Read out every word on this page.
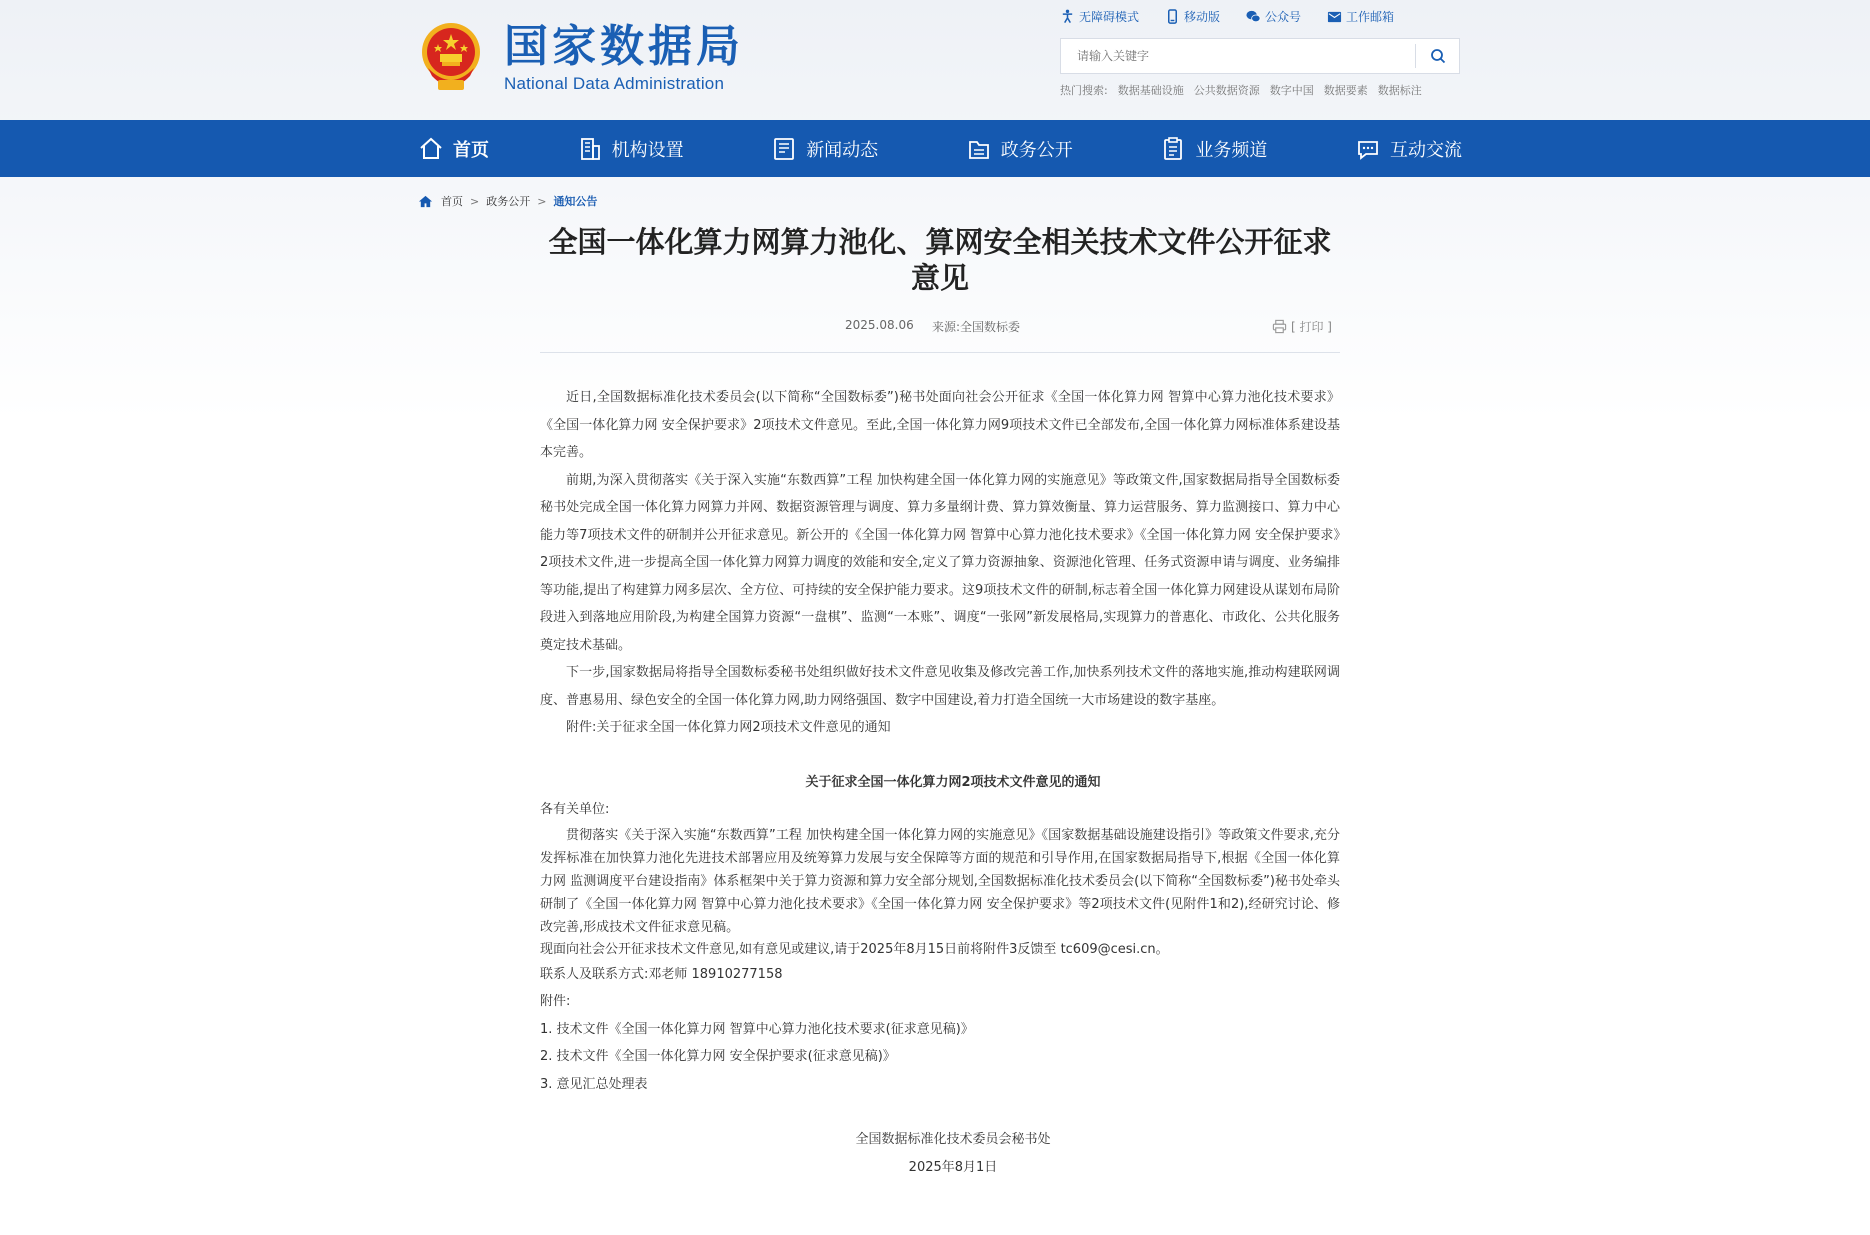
国家数据局
National Data Administration
无障碍模式	移动版	公众号	工作邮箱
请输入关键字
热门搜索: 数据基础设施 公共数据资源 数字中国 数据要素 数据标注
首页	机构设置	新闻动态	政务公开	业务频道	互动交流
首页 > 政务公开 > 通知公告
全国一体化算力网算力池化、算网安全相关技术文件公开征求意见
2025.08.06 来源:全国数标委	[ 打印 ]

近日,全国数据标准化技术委员会(以下简称“全国数标委”)秘书处面向社会公开征求《全国一体化算力网 智算中心算力池化技术要求》《全国一体化算力网 安全保护要求》2项技术文件意见。至此,全国一体化算力网9项技术文件已全部发布,全国一体化算力网标准体系建设基本完善。

前期,为深入贯彻落实《关于深入实施“东数西算”工程 加快构建全国一体化算力网的实施意见》等政策文件,国家数据局指导全国数标委秘书处完成全国一体化算力网算力并网、数据资源管理与调度、算力多量纲计费、算力算效衡量、算力运营服务、算力监测接口、算力中心能力等7项技术文件的研制并公开征求意见。新公开的《全国一体化算力网 智算中心算力池化技术要求》《全国一体化算力网 安全保护要求》2项技术文件,进一步提高全国一体化算力网算力调度的效能和安全,定义了算力资源抽象、资源池化管理、任务式资源申请与调度、业务编排等功能,提出了构建算力网多层次、全方位、可持续的安全保护能力要求。这9项技术文件的研制,标志着全国一体化算力网建设从谋划布局阶段进入到落地应用阶段,为构建全国算力资源“一盘棋”、监测“一本账”、调度“一张网”新发展格局,实现算力的普惠化、市政化、公共化服务奠定技术基础。

下一步,国家数据局将指导全国数标委秘书处组织做好技术文件意见收集及修改完善工作,加快系列技术文件的落地实施,推动构建联网调度、普惠易用、绿色安全的全国一体化算力网,助力网络强国、数字中国建设,着力打造全国统一大市场建设的数字基座。

附件:关于征求全国一体化算力网2项技术文件意见的通知

关于征求全国一体化算力网2项技术文件意见的通知

各有关单位:

贯彻落实《关于深入实施“东数西算”工程 加快构建全国一体化算力网的实施意见》《国家数据基础设施建设指引》等政策文件要求,充分发挥标准在加快算力池化先进技术部署应用及统筹算力发展与安全保障等方面的规范和引导作用,在国家数据局指导下,根据《全国一体化算力网 监测调度平台建设指南》体系框架中关于算力资源和算力安全部分规划,全国数据标准化技术委员会(以下简称“全国数标委”)秘书处牵头研制了《全国一体化算力网 智算中心算力池化技术要求》《全国一体化算力网 安全保护要求》等2项技术文件(见附件1和2),经研究讨论、修改完善,形成技术文件征求意见稿。

现面向社会公开征求技术文件意见,如有意见或建议,请于2025年8月15日前将附件3反馈至 tc609@cesi.cn。

联系人及联系方式:邓老师 18910277158

附件:

1. 技术文件《全国一体化算力网 智算中心算力池化技术要求(征求意见稿)》

2. 技术文件《全国一体化算力网 安全保护要求(征求意见稿)》

3. 意见汇总处理表

全国数据标准化技术委员会秘书处

2025年8月1日
